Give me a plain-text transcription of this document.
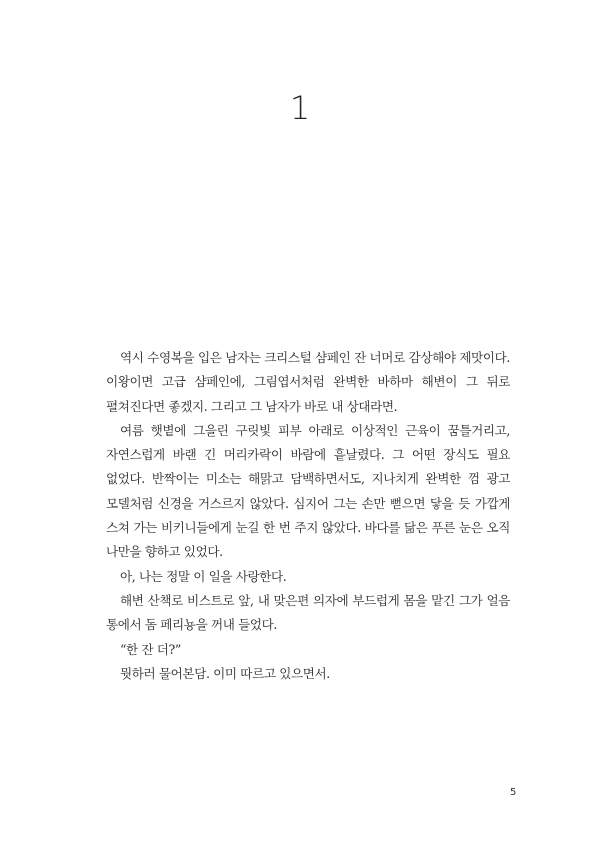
1

역시 수영복을 입은 남자는 크리스털 샴페인 잔 너머로 감상해야 제맛이다. 이왕이면 고급 샴페인에, 그림엽서처럼 완벽한 바하마 해변이 그 뒤로 펼쳐진다면 좋겠지. 그리고 그 남자가 바로 내 상대라면.

여름 햇볕에 그을린 구릿빛 피부 아래로 이상적인 근육이 꿈틀거리고, 자연스럽게 바랜 긴 머리카락이 바람에 흩날렸다. 그 어떤 장식도 필요 없었다. 반짝이는 미소는 해맑고 담백하면서도, 지나치게 완벽한 껌 광고 모델처럼 신경을 거스르지 않았다. 심지어 그는 손만 뻗으면 닿을 듯 가깝게 스쳐 가는 비키니들에게 눈길 한 번 주지 않았다. 바다를 닮은 푸른 눈은 오직 나만을 향하고 있었다.

아, 나는 정말 이 일을 사랑한다.

해변 산책로 비스트로 앞, 내 맞은편 의자에 부드럽게 몸을 맡긴 그가 얼음 통에서 돔 페리뇽을 꺼내 들었다.

“한 잔 더?”

뭣하러 물어본담. 이미 따르고 있으면서.

5
